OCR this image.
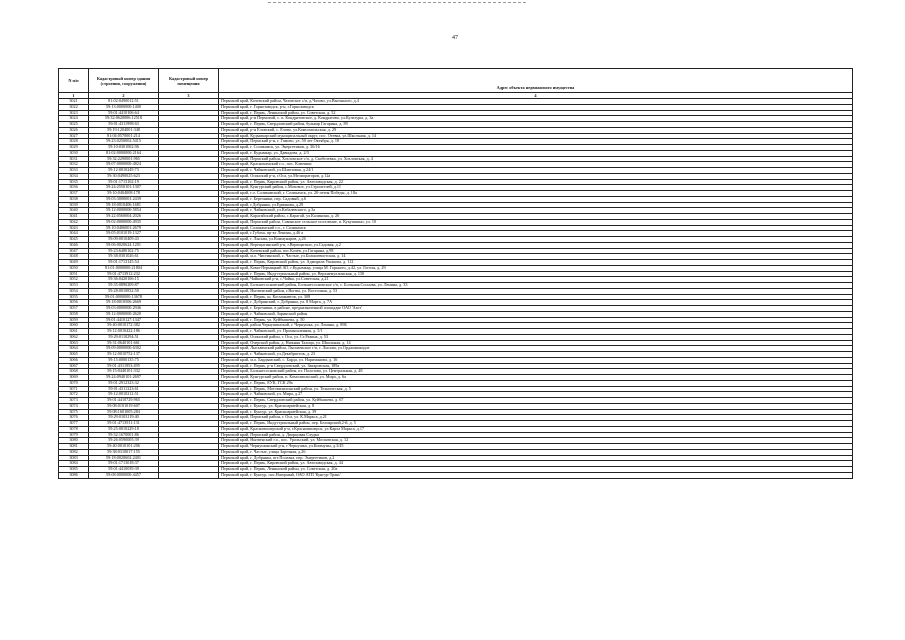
47
N п/п	Кадастровый номер здания (строения, сооружения)	Кадастровый номер помещения	Адрес объекта недвижимого имущества
1	2	3	4
3021	81:02:0490012:51		Пермский край, Кочевский район, Чазовское с/п, д.Чазово, ул.Выгонного, д.4
3022	59:13:0000000:1400		Пермский край, г. Горнозаводск, р-н, г.Горнозаводск
3023	59:01:4410106:64		Пермский край, г. Пермь, Ленинский район, ул. Советская, д. 52
3024	59:32:0620006:12518		Пермский край, р-н Пермский, с. п. Кондратовское, д. Кондратово, ул.Культуры, д. 3а
3025	59:01:4311998:63		Пермский край, г. Пермь, Свердловский район, бульвар Гагарина, д. 89
3026	59:19:1204001:348		Пермский край, р-н Еловский, с. Елово, ул.Комсомольская, д. 29
3027	81:04:0570001:214		Пермский край, Кудымкарский муниципальный округ, пос. Отевка, ул.Школьная, д. 14
3028	59:23:0250002:5415		Пермский край, Пермский р-н, г. Гамово, ул. 50 лет Октября, д. 18
3029	59:10:0301002:96		Пермский край, г. Соликамск, ул. Энергетиков, д. 36/16
3030	81:02:0000000:2164		Пермский край, г. Кудымкар, ул. Давыдова, д. 2/3
3031	59:32:2290001:965		Пермский край, Пермский район, Хохловское с/п, д. Скобелевка, ул. Хохловская, д. 4
3032	59:07:0000000:4824		Пермский край, Краснокамский г.о., пос. Ключики
3033	59:12:0010249:73		Пермский край, г. Чайковский, ул.Шлюзовая, д.24/1
3034	59:30:0490025:623		Пермский край, Осинский р-н, г.Оса, ул.Мелиораторов, д.12а
3035	59:01:1713102:19		Пермский край, г. Пермь, Кировский район, ул. Автозаводская, д. 22
3036	59:24:2550101:1307		Пермский край, Кунгурский район, с.Моховое, ул.Строителей, д.11
3037	59:10:0404008:178		Пермский край, г.о. Соликамский, г. Соликамск, ул. 20-летия Победы, д. 18а
3038	59:03:3000001:2439		Пермский край, г. Березники, пер. Садовый, д.6
3039	59:18:0010406:1681		Пермский край, г.Добрянка, ул.Ермакова, д.29
3040	59:12:0000000:5854		Пермский край, г. Чайковский, ул.Кабалевского, д.3а
3041	59:22:0560004:2026		Пермский край, Карагайский район, с.Карагай, ул.Калинина, д. 26
3042	59:02:0000000:4935		Пермский край, Пермский район, Савинское сельское поселение, п. Кукушкино, ул. 10
3043	59:10:0406001:2679		Пермский край, Соликамский г.о., г. Соликамск
3044	59:05:0101019:1327		Пермский край, г.Губаха, пр-кт Ленина, д.46 а
3045	59:09:0010409:43		Пермский край, г. Лысьва, ул.Коммунаров, д.26
3046	59:06:0020624:1201		Пермский край, Верещагинский р-н, г.Верещагино, ул.Садовая, д.2
3047	59:23:6480102:75		Пермский край, Кочевский район, пос.Кочёв, ул.Гагарина, д.98
3048	59:38:0301026:61		Пермский край, м.о. Чистинский, с. Частые, ул.Большевистская, д. 14
3049	59:01:1713145:54		Пермский край, г. Пермь, Кировский район, ул. Адмирала Ушакова, д. 112
3050	81:01:0000000:21804		Пермский край, Коми-Пермяцкий АО, г.Кудымкар, улица М. Горького, д.42, ул. Гоголя, д. 29
3051	59:01:4713912:232		Пермский край, г. Пермь, Индустриальный район, ул. Верхнемуллинская, д. 130
3052	59:36:0420106:15		Пермский край, Чайковский р-н, с.Чайка, ул.Советская, д.21
3053	59:35:0890209:87		Пермский край, Большесосновский район, Большесосновское с/п, с. Большая Соснова, ул. Ленина, д. 33
3054	59:28:0010832:50		Пермский край, Нытвенский район, г.Нытва, ул. Восточная, д. 53
3055	59:01:0000000:13678		Пермский край, г. Пермь, ш. Космонавтов, ул. 308
3056	59:18:0010506:2669		Пермский край, г. Добрянский, г. Добрянка, ул. 8 Марта, д. 7А
3057	59:03:0000000:2946		Пермский край, г. Березники, в районе, предназначенной площадке ОАО 'Азот'
3058	59:12:0000000:2620		Пермский край, г. Чайковский, Заринский район
3059	59:01:4410127:1347		Пермский край, г. Пермь, ул. Куйбышева, д. 50
3060	59:40:0010172:382		Пермский край, район Чернушинский, г. Чернушка, ул. Ленина, д. 89Б
3061	59:12:0010422:186		Пермский край, г. Чайковский, ул. Промышленная, д. 5/1
3062	59:29:0110294:51		Пермский край, Осинский район, г. Оса, ул. Ст.Разина, д. 53
3063	59:31:0640101:661		Пермский край, Очерский район, д. Нижняя Талица, ул. Школьная, д. 14
3064	59:09:0000000:6302		Пермский край, Лысьвенский район, Лысьвенское г/п, г. Лысьва, ул.Орджоникидзе
3065	59:12:0010752:137		Пермский край, г. Чайковский, ул.Декабристов, д. 23
3066	59:15:0000135:75		Пермский край, м.о. Бардымский, с. Барда, ул. Нариманова, д. 16
3067	59:01:4311953:495		Пермский край, г. Пермь, р-н Свердловский, ул. Закаровская, 189а
3068	59:15:0440101:332		Пермский край, Большесосновский район, пт. Полозова, ул. Центральная, д. 48
3069	59:24:0940101:2697		Пермский край, Кунгурский район, п. Комсомольский, ул. Мира, д. 6а
3070	59:01:2912323:32		Пермский край, г. Пермь, ЕУК, ГСК 29а
3071	59:01:4311323:61		Пермский край, г. Пермь, Мотовилихинский район, ул. Техническая, д. 5
3072	59:12:0010212:51		Пермский край, г. Чайковский, ул. Мира, д.27
3073	59:01:4410729:965		Пермский край, г. Пермь, Свердловский район, ул. Куйбышева, д. 67
3074	59:08:0101019:607		Пермский край, г. Кунгур, ул. Красноармейская, д. 8
3075	59:08:1601005:284		Пермский край, г. Кунгур, ул. Красноармейская, д. 39
3076	59:29:0103119:40		Пермский край, Пермский район, г. Оса, ул. К.Маркса, д.21
3077	59:01:4713911:131		Пермский край, г. Пермь, Индустриальный район, пер. Белоярский,2-й, д. 5
3078	59:25:0010229:18		Пермский край, Красновишерский р-н, г.Красновишерск, ул.Карла Маркса, д.17
3079	59:32:1670001:86		Пермский край, Пермский район, д. Дворцовая Слудка
3080	59:26:0590005:39		Пермский край, Нытвенский г.о., пос. Уральский, ул. Московская, д. 12
3081	59:40:0010101:206		Пермский край, Чернушинский р-н, г.Чернушка, ул.Коммуны, д.3/45
3082	59:38:0310017:155		Пермский край, г. Частые, улица Заречная, д.26
3083	59:18:0020602:2401		Пермский край, г. Добрянка, пгт.Полазна, пер. Энергетиков, д.2
3084	59:01:1713018:37		Пермский край, г. Пермь, Кировский район, ул. Автозаводская, д. 44
3085	59:01:4410039:39		Пермский край, г. Пермь, Ленинский район, ул. Советская, д. 20а
3086	59:08:0000000:4457		Пермский край, г. Кунгур, пос.Нагорный, ОАО АТП 'Кунгур-Транс'
